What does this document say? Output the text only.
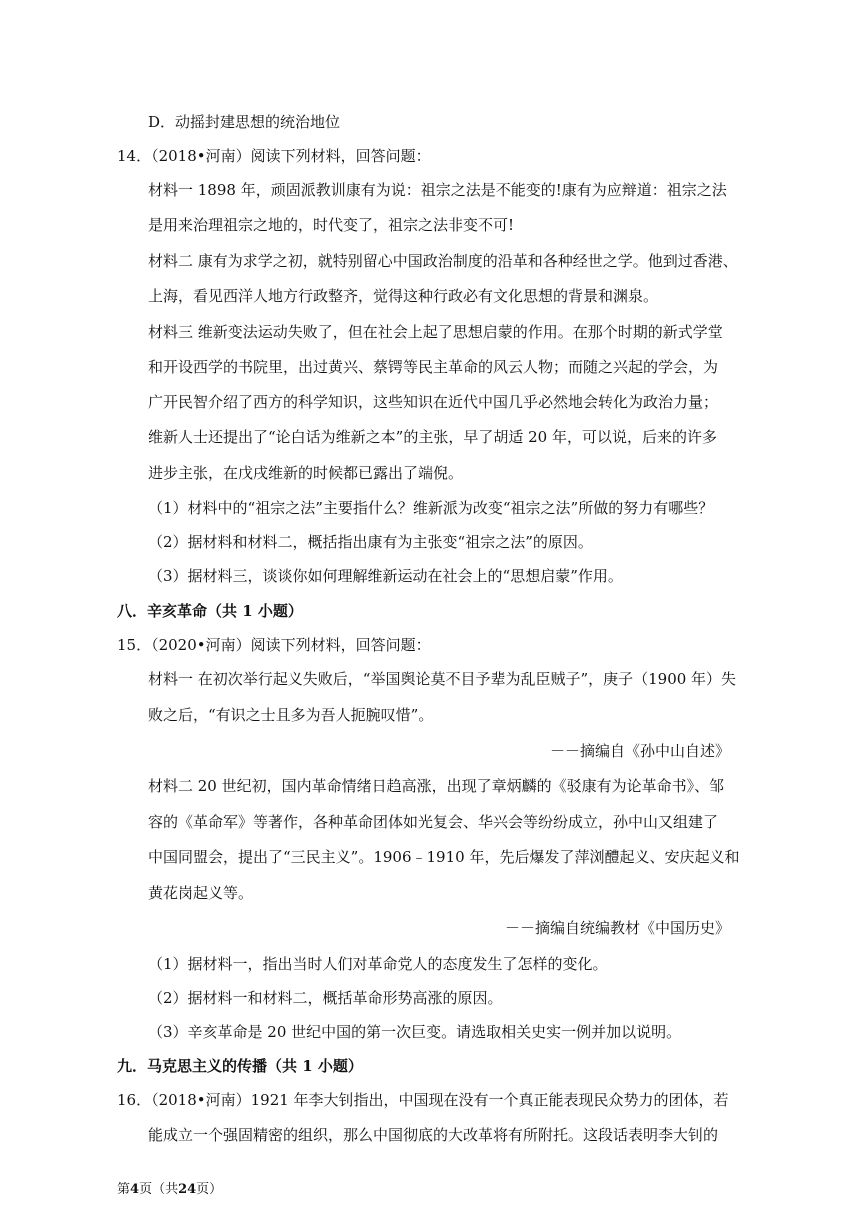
D．动摇封建思想的统治地位
14．（2018•河南）阅读下列材料，回答问题：
材料一 1898 年，顽固派教训康有为说：祖宗之法是不能变的!康有为应辩道：祖宗之法
是用来治理祖宗之地的，时代变了，祖宗之法非变不可!
材料二 康有为求学之初，就特别留心中国政治制度的沿革和各种经世之学。他到过香港、
上海，看见西洋人地方行政整齐，觉得这种行政必有文化思想的背景和渊泉。
材料三 维新变法运动失败了，但在社会上起了思想启蒙的作用。在那个时期的新式学堂
和开设西学的书院里，出过黄兴、蔡锷等民主革命的风云人物；而随之兴起的学会，为
广开民智介绍了西方的科学知识，这些知识在近代中国几乎必然地会转化为政治力量；
维新人士还提出了“论白话为维新之本”的主张，早了胡适 20 年，可以说，后来的许多
进步主张，在戊戌维新的时候都已露出了端倪。
（1）材料中的“祖宗之法”主要指什么？维新派为改变“祖宗之法”所做的努力有哪些？
（2）据材料和材料二，概括指出康有为主张变“祖宗之法”的原因。
（3）据材料三，谈谈你如何理解维新运动在社会上的“思想启蒙”作用。
八．辛亥革命（共 1 小题）
15．（2020•河南）阅读下列材料，回答问题：
材料一 在初次举行起义失败后，“举国舆论莫不目予辈为乱臣贼子”，庚子（1900 年）失
败之后，“有识之士且多为吾人扼腕叹惜”。
－－摘编自《孙中山自述》
材料二 20 世纪初，国内革命情绪日趋高涨，出现了章炳麟的《驳康有为论革命书》、邹
容的《革命军》等著作，各种革命团体如光复会、华兴会等纷纷成立，孙中山又组建了
中国同盟会，提出了“三民主义”。1906﹣1910 年，先后爆发了萍浏醴起义、安庆起义和
黄花岗起义等。
－－摘编自统编教材《中国历史》
（1）据材料一，指出当时人们对革命党人的态度发生了怎样的变化。
（2）据材料一和材料二，概括革命形势高涨的原因。
（3）辛亥革命是 20 世纪中国的第一次巨变。请选取相关史实一例并加以说明。
九．马克思主义的传播（共 1 小题）
16．（2018•河南）1921 年李大钊指出，中国现在没有一个真正能表现民众势力的团体，若
能成立一个强固精密的组织，那么中国彻底的大改革将有所附托。这段话表明李大钊的
第4页（共24页）
